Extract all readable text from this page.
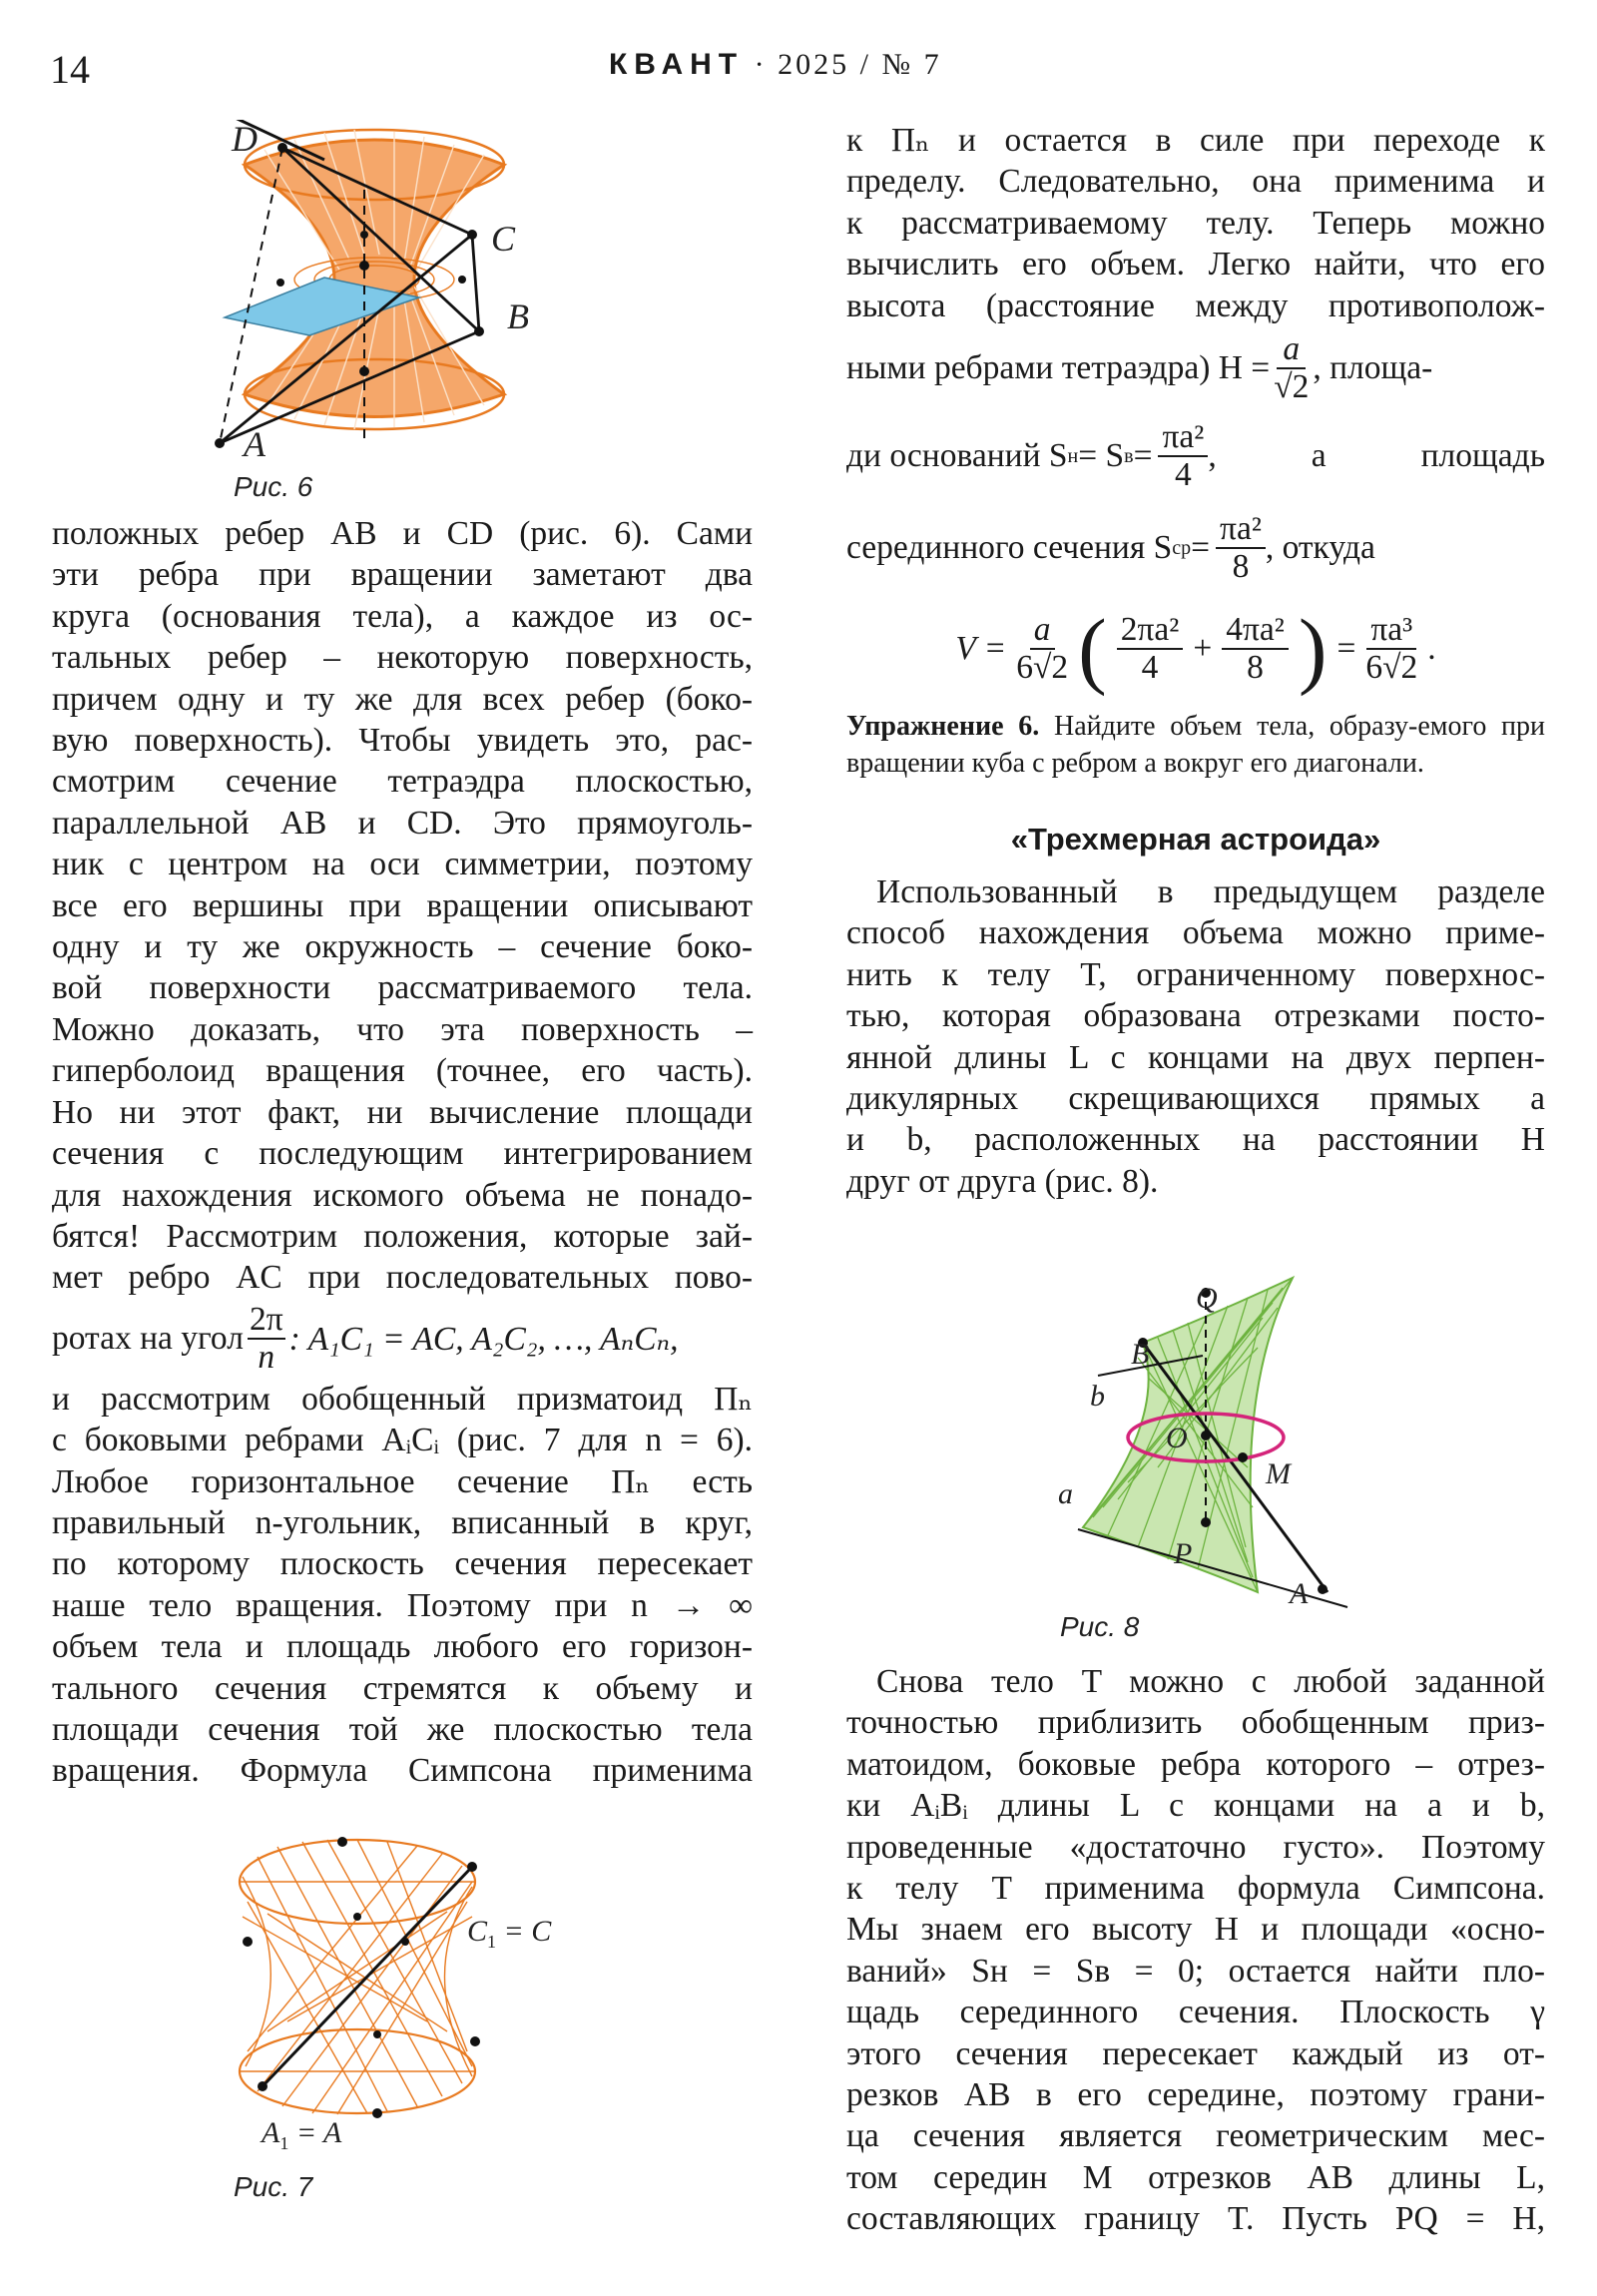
14	КВАНТ · 2025 / № 7
D
C
B
A
Рис. 6

положных ребер AB и CD (рис. 6). Сами

эти ребра при вращении заметают два

круга (основания тела), а каждое из ос-

тальных ребер – некоторую поверхность,

причем одну и ту же для всех ребер (боко-

вую поверхность). Чтобы увидеть это, рас-

смотрим сечение тетраэдра плоскостью,

параллельной AB и CD. Это прямоуголь-

ник с центром на оси симметрии, поэтому

все его вершины при вращении описывают

одну и ту же окружность – сечение боко-

вой поверхности рассматриваемого тела.

Можно доказать, что эта поверхность –

гиперболоид вращения (точнее, его часть).

Но ни этот факт, ни вычисление площади

сечения с последующим интегрированием

для нахождения искомого объема не понадо-

бятся! Рассмотрим положения, которые зай-

мет ребро AC при последовательных пово-

ротах на угол $\frac{2\pi}{n}$ : A₁C₁ = AC, A₂C₂, …, AₙCₙ,

и рассмотрим обобщенный призматоид Πₙ

с боковыми ребрами AᵢCᵢ (рис. 7 для n = 6).

Любое горизонтальное сечение Πₙ есть

правильный n-угольник, вписанный в круг,

по которому плоскость сечения пересекает

наше тело вращения. Поэтому при n → ∞

объем тела и площадь любого его горизон-

тального сечения стремятся к объему и

площади сечения той же плоскостью тела

вращения. Формула Симпсона применима

$C_1 = C$
$A_1 = A$
Рис. 7

к Πₙ и остается в силе при переходе к

пределу. Следовательно, она применима и

к рассматриваемому телу. Теперь можно

вычислить его объем. Легко найти, что его

высота (расстояние между противополож-

ными ребрами тетраэдра) $H = \frac{a}{√2}$ , площа-
ди оснований S н = S $в = \frac{\text{πa²}}{4}$ , а площадь
серединного сечения S ср = $\frac{\text{πa²}}{8}$ , откуда
$V = \frac{a}{6√2}$ ( $\frac{\text{2πa²}}{4} + \frac{\text{4πa²}}{8}$ ) = $\frac{\text{πa³}}{6√2}$ .
Упражнение 6. Найдите объем тела, образу-емого при вращении куба с ребром a вокруг его диагонали.
«Трехмерная астроида»

Использованный в предыдущем разделе

способ нахождения объема можно приме-

нить к телу T, ограниченному поверхнос-

тью, которая образована отрезками посто-

янной длины L с концами на двух перпен-

дикулярных скрещивающихся прямых a

и b, расположенных на расстоянии H

друг от друга (рис. 8).

Q
B
b
O
M
a
P
A
Рис. 8

Снова тело T можно с любой заданной

точностью приблизить обобщенным приз-

матоидом, боковые ребра которого – отрез-

ки AᵢBᵢ длины L с концами на a и b,

проведенные «достаточно густо». Поэтому

к телу T применима формула Симпсона.

Мы знаем его высоту H и площади «осно-

ваний» Sн = Sв = 0; остается найти пло-

щадь серединного сечения. Плоскость γ

этого сечения пересекает каждый из от-

резков AB в его середине, поэтому грани-

ца сечения является геометрическим мес-

том середин M отрезков AB длины L,

составляющих границу T. Пусть PQ = H,
